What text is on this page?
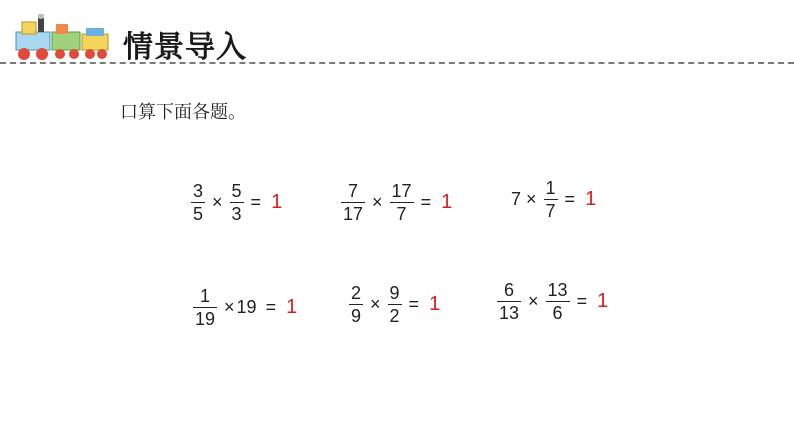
情景导入
口算下面各题。
$\frac{3}{5} \times \frac{5}{3} = 1$	$\frac{7}{17} \times \frac{17}{7} = 1$	$7 \times \frac{1}{7} = 1$
$\frac{1}{19} \times 19 = 1$	$\frac{2}{9} \times \frac{9}{2} = 1$	$\frac{6}{13} \times \frac{13}{6} = 1$
